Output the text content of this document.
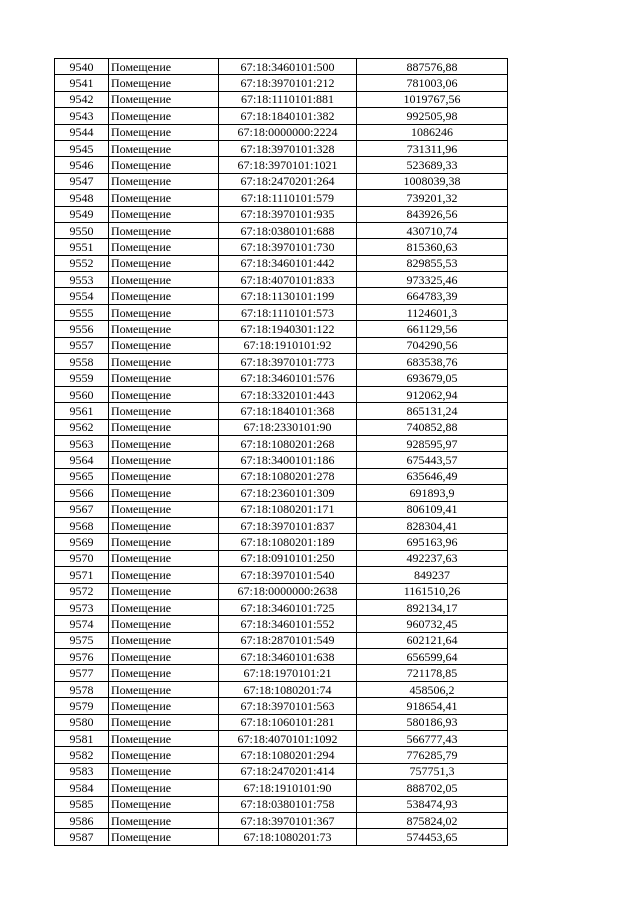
9540	Помещение	67:18:3460101:500	887576,88
9541	Помещение	67:18:3970101:212	781003,06
9542	Помещение	67:18:1110101:881	1019767,56
9543	Помещение	67:18:1840101:382	992505,98
9544	Помещение	67:18:0000000:2224	1086246
9545	Помещение	67:18:3970101:328	731311,96
9546	Помещение	67:18:3970101:1021	523689,33
9547	Помещение	67:18:2470201:264	1008039,38
9548	Помещение	67:18:1110101:579	739201,32
9549	Помещение	67:18:3970101:935	843926,56
9550	Помещение	67:18:0380101:688	430710,74
9551	Помещение	67:18:3970101:730	815360,63
9552	Помещение	67:18:3460101:442	829855,53
9553	Помещение	67:18:4070101:833	973325,46
9554	Помещение	67:18:1130101:199	664783,39
9555	Помещение	67:18:1110101:573	1124601,3
9556	Помещение	67:18:1940301:122	661129,56
9557	Помещение	67:18:1910101:92	704290,56
9558	Помещение	67:18:3970101:773	683538,76
9559	Помещение	67:18:3460101:576	693679,05
9560	Помещение	67:18:3320101:443	912062,94
9561	Помещение	67:18:1840101:368	865131,24
9562	Помещение	67:18:2330101:90	740852,88
9563	Помещение	67:18:1080201:268	928595,97
9564	Помещение	67:18:3400101:186	675443,57
9565	Помещение	67:18:1080201:278	635646,49
9566	Помещение	67:18:2360101:309	691893,9
9567	Помещение	67:18:1080201:171	806109,41
9568	Помещение	67:18:3970101:837	828304,41
9569	Помещение	67:18:1080201:189	695163,96
9570	Помещение	67:18:0910101:250	492237,63
9571	Помещение	67:18:3970101:540	849237
9572	Помещение	67:18:0000000:2638	1161510,26
9573	Помещение	67:18:3460101:725	892134,17
9574	Помещение	67:18:3460101:552	960732,45
9575	Помещение	67:18:2870101:549	602121,64
9576	Помещение	67:18:3460101:638	656599,64
9577	Помещение	67:18:1970101:21	721178,85
9578	Помещение	67:18:1080201:74	458506,2
9579	Помещение	67:18:3970101:563	918654,41
9580	Помещение	67:18:1060101:281	580186,93
9581	Помещение	67:18:4070101:1092	566777,43
9582	Помещение	67:18:1080201:294	776285,79
9583	Помещение	67:18:2470201:414	757751,3
9584	Помещение	67:18:1910101:90	888702,05
9585	Помещение	67:18:0380101:758	538474,93
9586	Помещение	67:18:3970101:367	875824,02
9587	Помещение	67:18:1080201:73	574453,65
